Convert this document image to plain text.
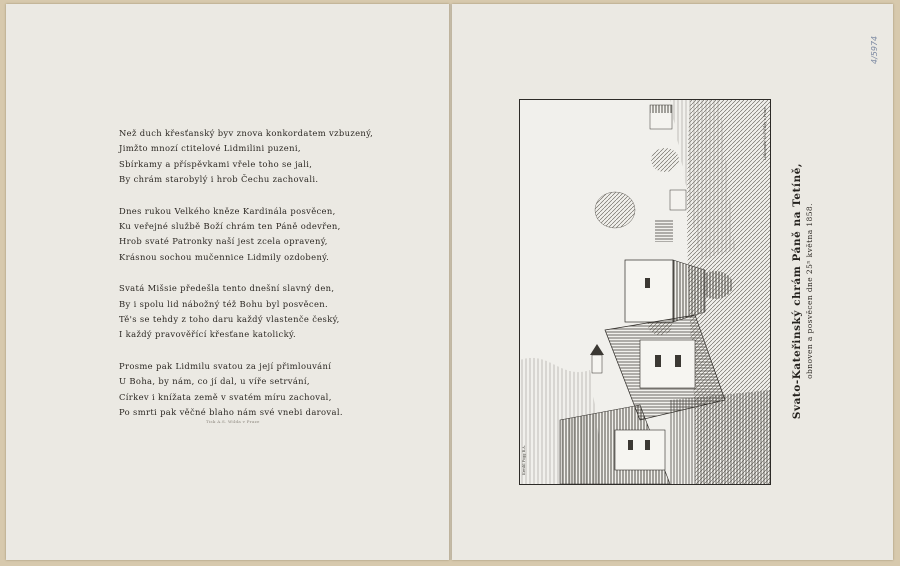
Než duch křesťanský byv znova konkordatem vzbuzený,
Jimžto mnozí ctitelové Lidmilini puzeni,
Sbírkamy a příspěvkami vřele toho se jali,
By chrám starobylý i hrob Čechu zachovali.
Dnes rukou Velkého kněze Kardinála posvěcen,
Ku veřejné službě Boží chrám ten Páně odevřen,
Hrob svaté Patronky naší jest zcela opravený,
Krásnou sochou mučennice Lidmily ozdobený.
Svatá Mišsie předešla tento dnešní slavný den,
By i spolu lid nábožný též Bohu byl posvěcen.
Tě's se tehdy z toho daru každý vlastenče český,
I každý pravověřící křesťane katolický.
Prosme pak Lidmilu svatou za její přimlouvání
U Boha, by nám, co jí dal, u víře setrvání,
Církev i knížata země v svatém míru zachoval,
Po smrti pak věčné blaho nám své vnebi daroval.
Tisk A.S. Wilda v Praze
Kreslil Fogg B.A.
Lithografie M.F.Wildy v Praze
Svato-Kateřinský chrám Páně na Tetíně, obnoven a posvěcen dne 25ⁿ května 1858.
4/5974
